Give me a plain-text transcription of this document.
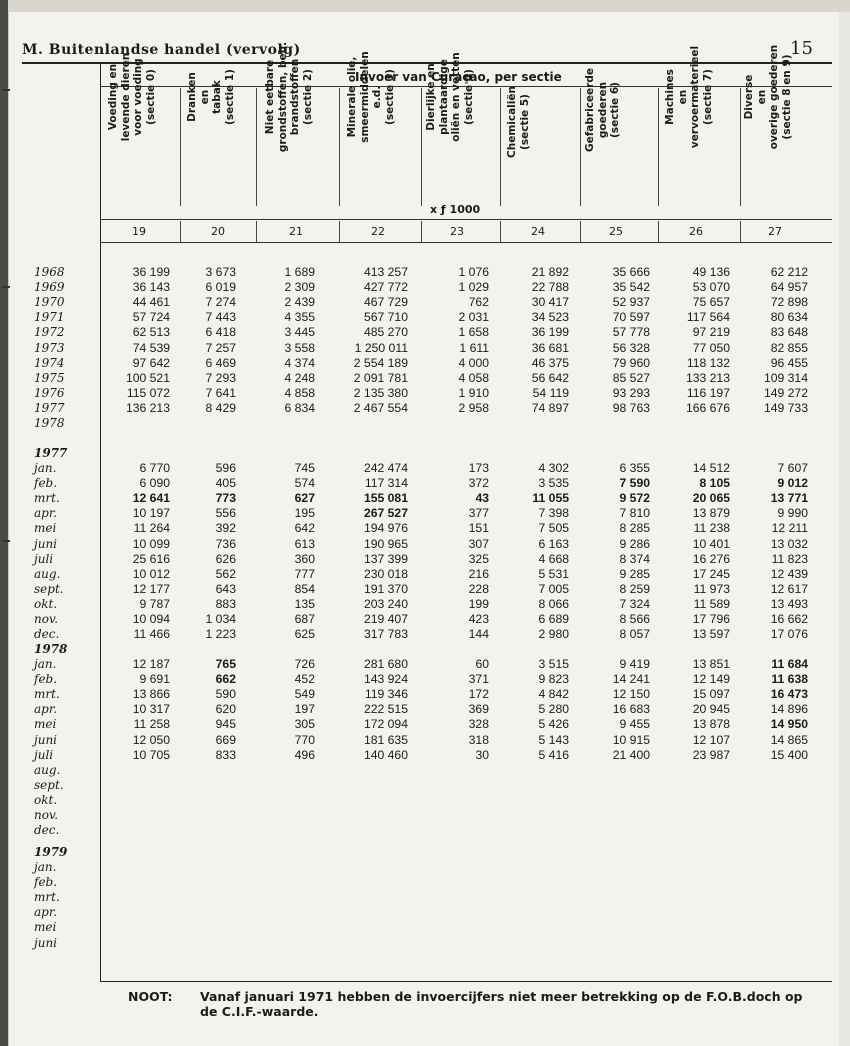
M. Buitenlandse handel (vervolg)	15
Invoer van Curaçao, per sectie
Voeding en
levende dieren
voor voeding
(sectie 0)
19
Dranken
en
tabak
(sectie 1)
20
Niet eetbare
grondstoffen, beh.
brandstoffen
(sectie 2)
21
Minerale olie,
smeermiddelen
e.d.
(sectie 3)
22
Dierlijke en
plantaardige
oliën en vetten
(sectie 4)
23
Chemicaliën
(sectie 5)
24
Gefabriceerde
goederen
(sectie 6)
25
Machines
en
vervoermaterieel
(sectie 7)
26
Diverse
en
overige goederen
(sectie 8 en 9)
27
1968	36 199	3 673	1 689	413 257	1 076	21 892	35 666	49 136	62 212
1969	36 143	6 019	2 309	427 772	1 029	22 788	35 542	53 070	64 957
1970	44 461	7 274	2 439	467 729	762	30 417	52 937	75 657	72 898
1971	57 724	7 443	4 355	567 710	2 031	34 523	70 597	117 564	80 634
1972	62 513	6 418	3 445	485 270	1 658	36 199	57 778	97 219	83 648
1973	74 539	7 257	3 558	1 250 011	1 611	36 681	56 328	77 050	82 855
1974	97 642	6 469	4 374	2 554 189	4 000	46 375	79 960	118 132	96 455
1975	100 521	7 293	4 248	2 091 781	4 058	56 642	85 527	133 213	109 314
1976	115 072	7 641	4 858	2 135 380	1 910	54 119	93 293	116 197	149 272
1977	136 213	8 429	6 834	2 467 554	2 958	74 897	98 763	166 676	149 733
1978
1977
jan.	6 770	596	745	242 474	173	4 302	6 355	14 512	7 607
feb.	6 090	405	574	117 314	372	3 535	7 590	8 105	9 012
mrt.	12 641	773	627	155 081	43	11 055	9 572	20 065	13 771
apr.	10 197	556	195	267 527	377	7 398	7 810	13 879	9 990
mei	11 264	392	642	194 976	151	7 505	8 285	11 238	12 211
juni	10 099	736	613	190 965	307	6 163	9 286	10 401	13 032
juli	25 616	626	360	137 399	325	4 668	8 374	16 276	11 823
aug.	10 012	562	777	230 018	216	5 531	9 285	17 245	12 439
sept.	12 177	643	854	191 370	228	7 005	8 259	11 973	12 617
okt.	9 787	883	135	203 240	199	8 066	7 324	11 589	13 493
nov.	10 094	1 034	687	219 407	423	6 689	8 566	17 796	16 662
dec.	11 466	1 223	625	317 783	144	2 980	8 057	13 597	17 076
1978
jan.	12 187	765	726	281 680	60	3 515	9 419	13 851	11 684
feb.	9 691	662	452	143 924	371	9 823	14 241	12 149	11 638
mrt.	13 866	590	549	119 346	172	4 842	12 150	15 097	16 473
apr.	10 317	620	197	222 515	369	5 280	16 683	20 945	14 896
mei	11 258	945	305	172 094	328	5 426	9 455	13 878	14 950
juni	12 050	669	770	181 635	318	5 143	10 915	12 107	14 865
juli	10 705	833	496	140 460	30	5 416	21 400	23 987	15 400
aug.
sept.
okt.
nov.
dec.
1979
jan.
feb.
mrt.
apr.
mei
juni
x ƒ 1000
NOOT: Vanaf januari 1971 hebben de invoercijfers niet meer betrekking op de F.O.B.doch op de C.I.F.-waarde.
